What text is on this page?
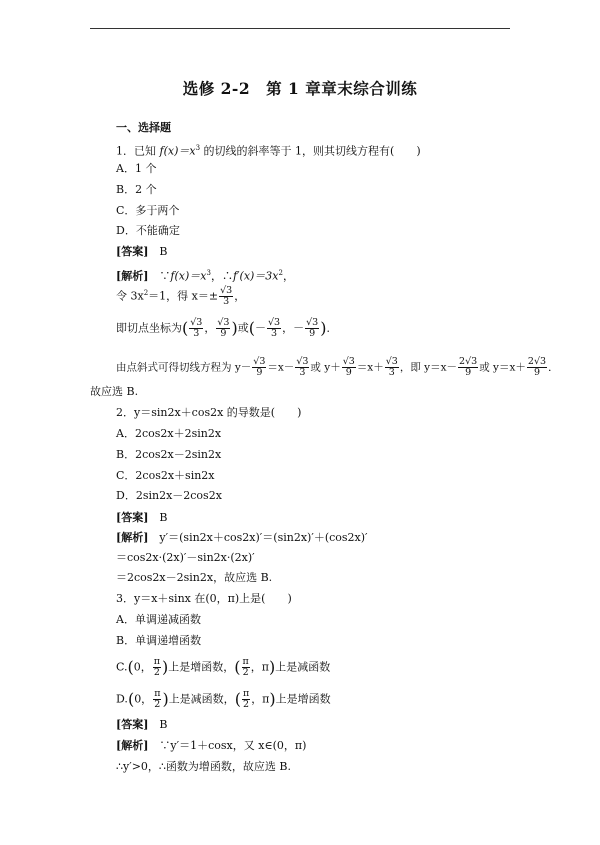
选修 2-2　第 1 章章末综合训练
一、选择题
1．已知 $f(x)=x^3$ 的切线的斜率等于 1，则其切线方程有(　　)
A．1 个
B．2 个
C．多于两个
D．不能确定
[答案]　 B
[解析]　 $\because f(x)=x^3$，$\therefore f'(x)=3x^2$，
令 $3x^2=1$，得 $x=\pm \frac{√3}{3}$ ，
即切点坐标为( $\frac{√3}{3}$ ， $\frac{√3}{9}$ )或(－ $\frac{√3}{3}$ ，－ $\frac{√3}{9}$ )．
由点斜式可得切线方程为 $y- \frac{√3}{9} =x- \frac{√3}{3}$ 或 $y+ \frac{√3}{9} =x+ \frac{√3}{3}$ ，即 $y=x- \frac{2√3}{9}$ 或 $y=x+ \frac{2√3}{9}$ ．
故应选 B.
2．y＝sin2x＋cos2x 的导数是(　　)
A．2cos2x＋2sin2x
B．2cos2x－2sin2x
C．2cos2x＋sin2x
D．2sin2x－2cos2x
[答案]　 B
[解析]　 y′＝(sin2x＋cos2x)′＝(sin2x)′＋(cos2x)′
＝cos2x·(2x)′－sin2x·(2x)′
＝2cos2x－2sin2x，故应选 B.
3．y＝x＋sinx 在(0，π)上是(　　)
A．单调递减函数
B．单调递增函数
C.(0， $\frac{\pi}{2}$ )上是增函数，( $\frac{\pi}{2}$ ，π)上是减函数
D.(0， $\frac{\pi}{2}$ )上是减函数，( $\frac{\pi}{2}$ ，π)上是增函数
[答案]　 B
[解析]　 ∵y′＝1＋cosx，又 x∈(0，π)
∴y′>0，∴函数为增函数，故应选 B.
